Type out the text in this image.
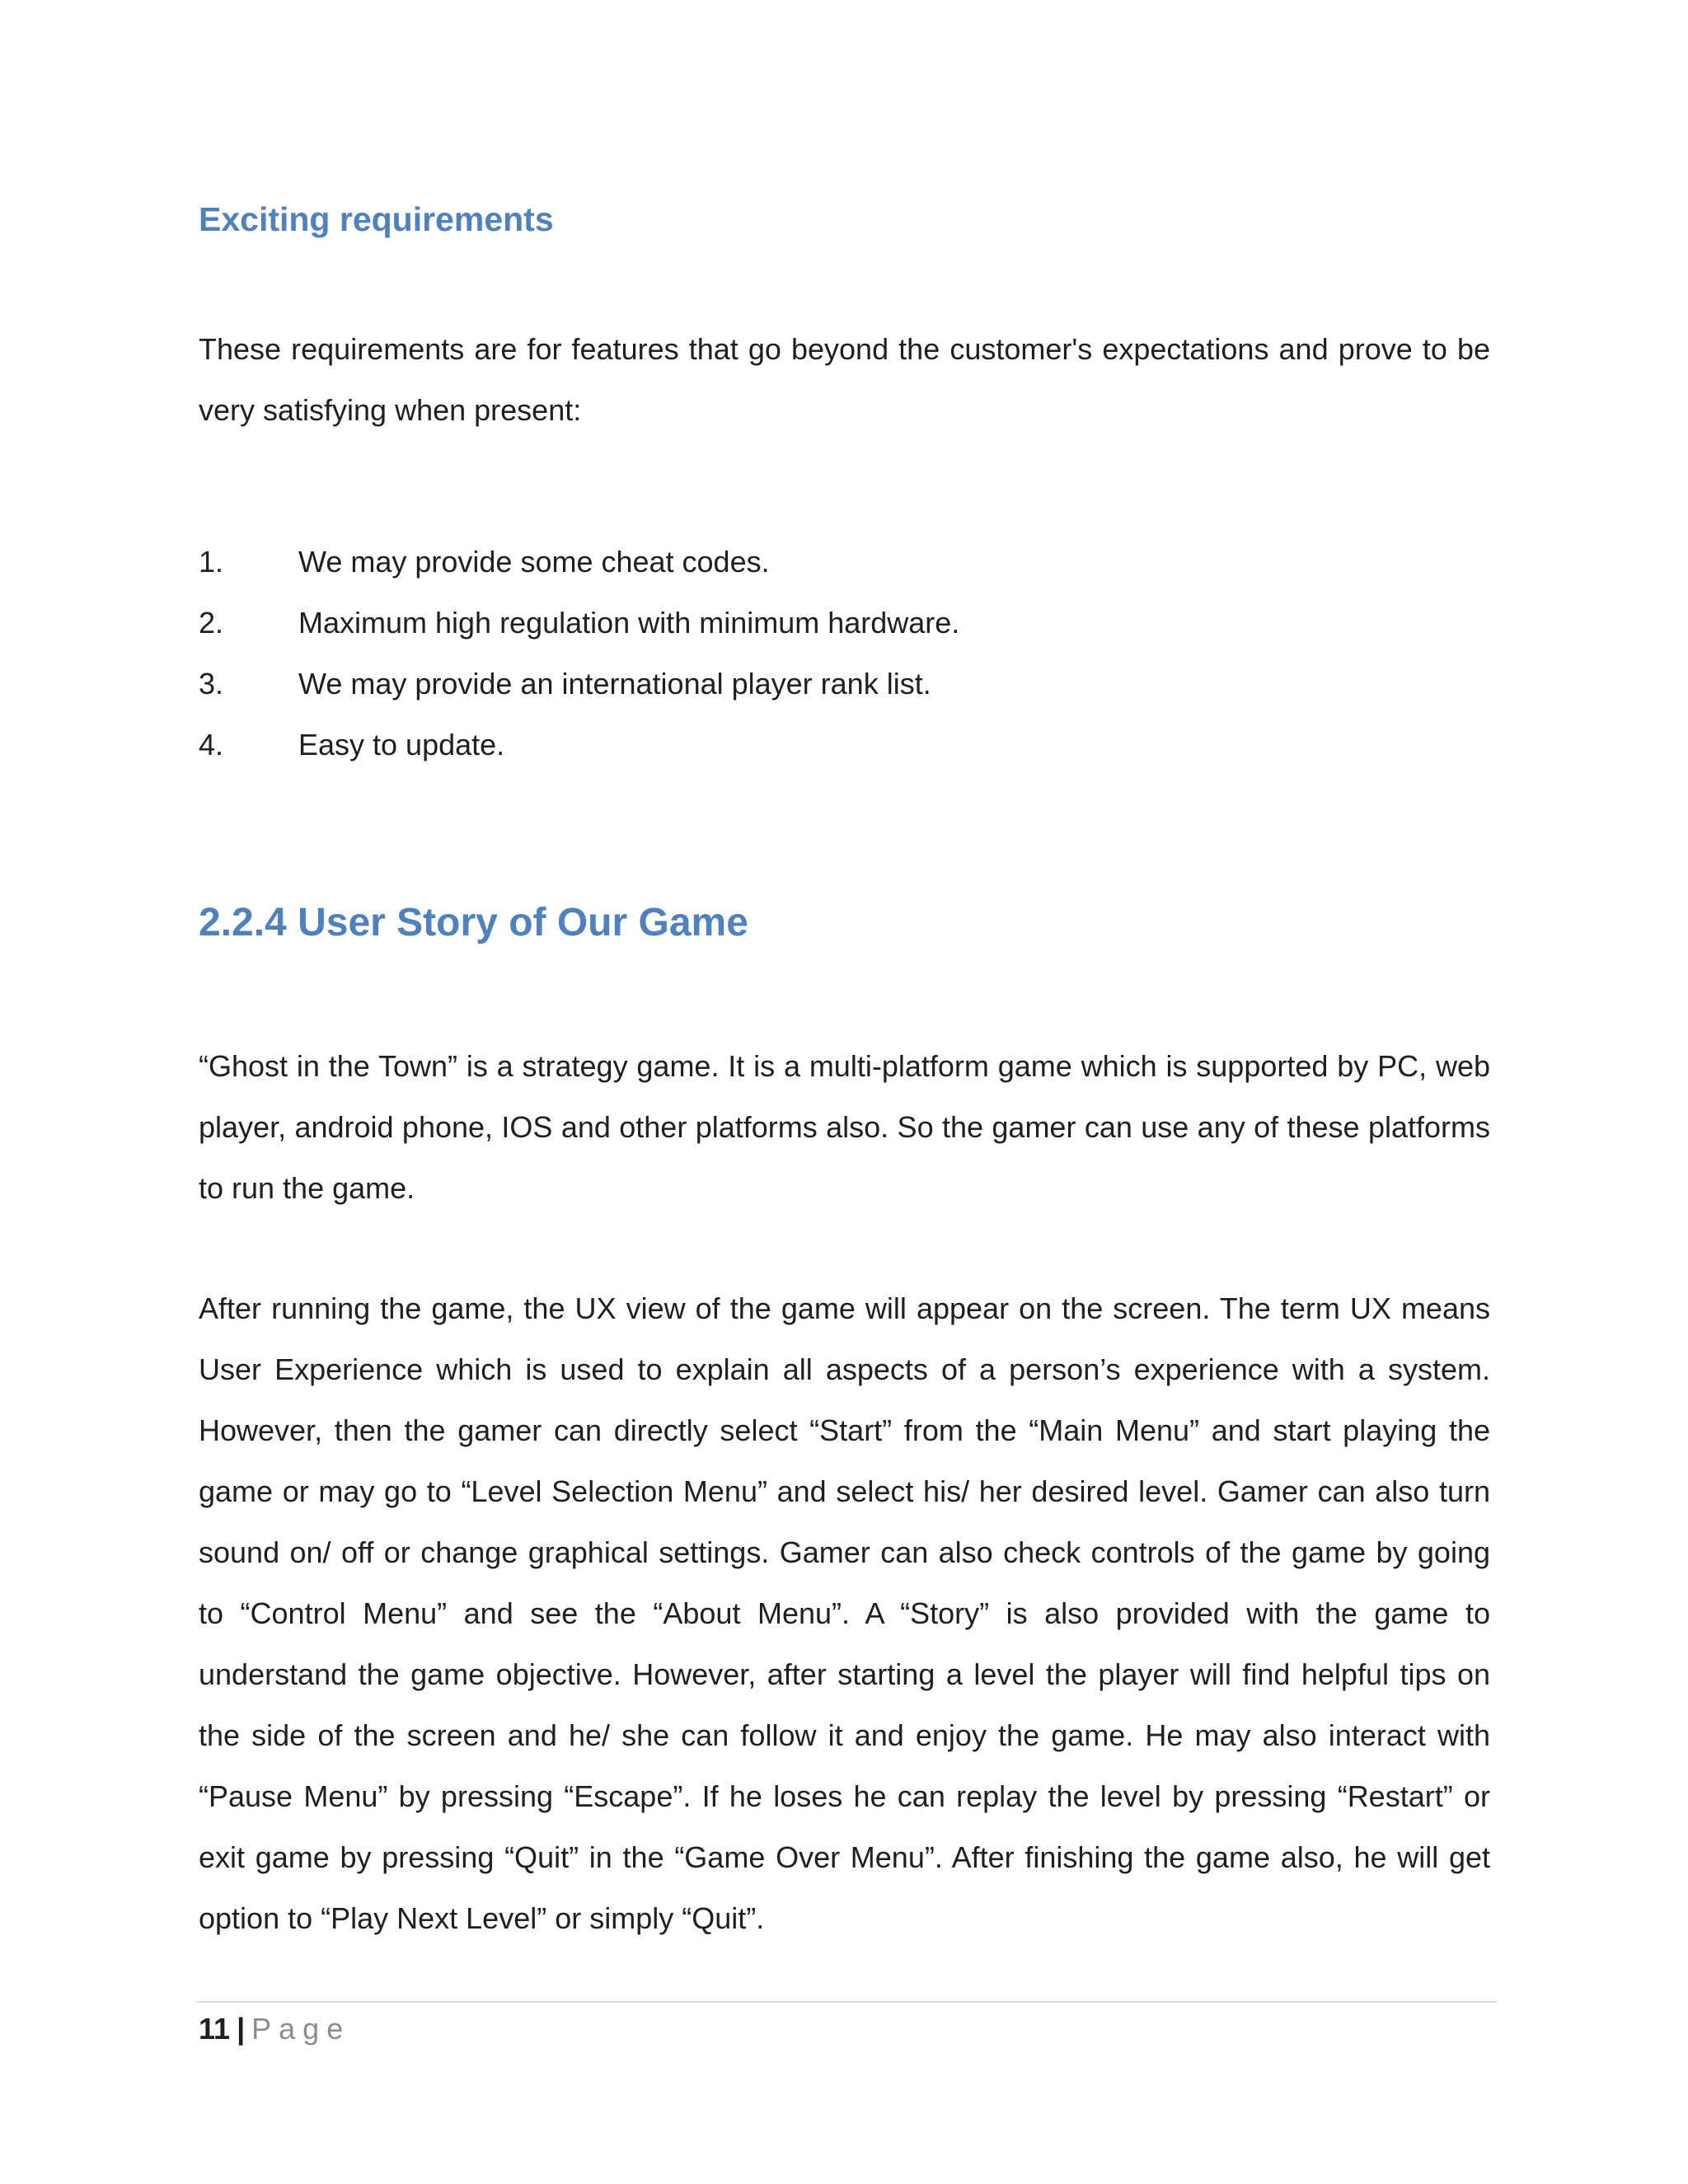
Exciting requirements

These requirements are for features that go beyond the customer's expectations and prove to be very satisfying when present:

1.	We may provide some cheat codes.
2.	Maximum high regulation with minimum hardware.
3.	We may provide an international player rank list.
4.	Easy to update.
2.2.4 User Story of Our Game

“Ghost in the Town” is a strategy game. It is a multi-platform game which is supported by PC, web player, android phone, IOS and other platforms also. So the gamer can use any of these platforms to run the game.

After running the game, the UX view of the game will appear on the screen. The term UX means User Experience which is used to explain all aspects of a person’s experience with a system. However, then the gamer can directly select “Start” from the “Main Menu” and start playing the game or may go to “Level Selection Menu” and select his/ her desired level. Gamer can also turn sound on/ off or change graphical settings. Gamer can also check controls of the game by going to “Control Menu” and see the “About Menu”. A “Story” is also provided with the game to understand the game objective. However, after starting a level the player will find helpful tips on the side of the screen and he/ she can follow it and enjoy the game. He may also interact with “Pause Menu” by pressing “Escape”. If he loses he can replay the level by pressing “Restart” or exit game by pressing “Quit” in the “Game Over Menu”. After finishing the game also, he will get option to “Play Next Level” or simply “Quit”.

11 | Page
